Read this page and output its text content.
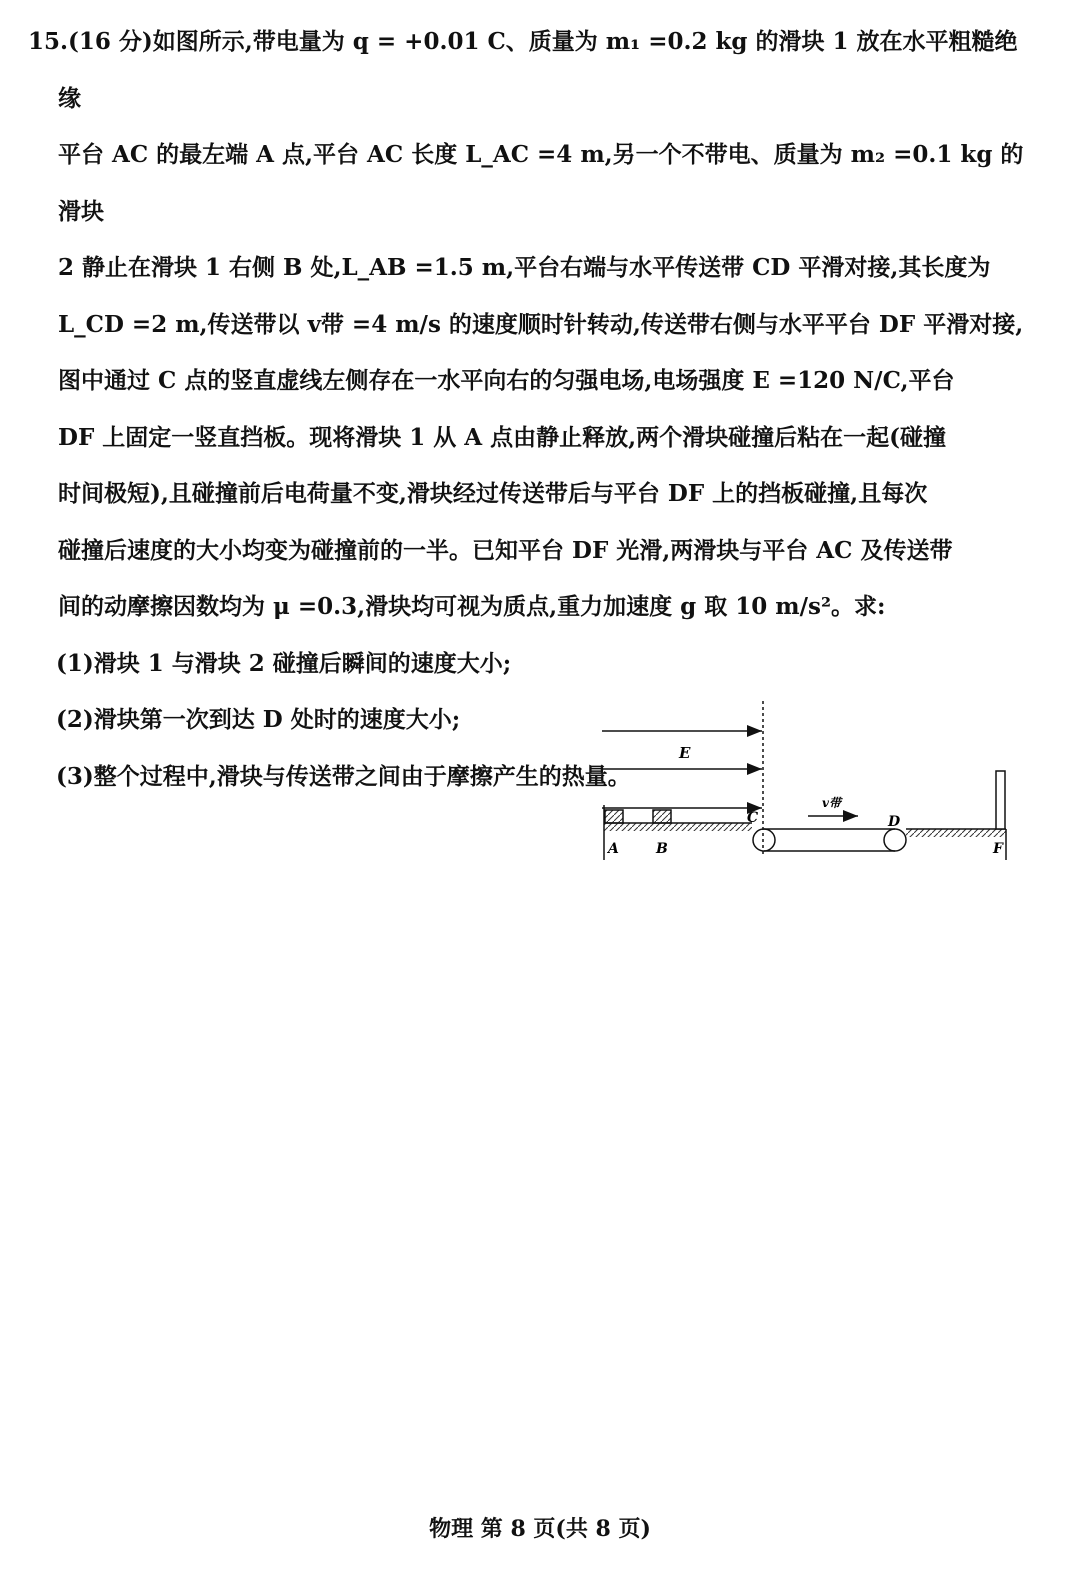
15.(16 分)如图所示,带电量为 q = +0.01 C、质量为 m₁ =0.2 kg 的滑块 1 放在水平粗糙绝缘

平台 AC 的最左端 A 点,平台 AC 长度 L_AC =4 m,另一个不带电、质量为 m₂ =0.1 kg 的滑块

2 静止在滑块 1 右侧 B 处,L_AB =1.5 m,平台右端与水平传送带 CD 平滑对接,其长度为

L_CD =2 m,传送带以 v带 =4 m/s 的速度顺时针转动,传送带右侧与水平平台 DF 平滑对接,

图中通过 C 点的竖直虚线左侧存在一水平向右的匀强电场,电场强度 E =120 N/C,平台

DF 上固定一竖直挡板。现将滑块 1 从 A 点由静止释放,两个滑块碰撞后粘在一起(碰撞

时间极短),且碰撞前后电荷量不变,滑块经过传送带后与平台 DF 上的挡板碰撞,且每次

碰撞后速度的大小均变为碰撞前的一半。已知平台 DF 光滑,两滑块与平台 AC 及传送带

间的动摩擦因数均为 μ =0.3,滑块均可视为质点,重力加速度 g 取 10 m/s²。求:

(1)滑块 1 与滑块 2 碰撞后瞬间的速度大小;

(2)滑块第一次到达 D 处时的速度大小;

(3)整个过程中,滑块与传送带之间由于摩擦产生的热量。

E
A	B
C
v带
D
F
物理 第 8 页(共 8 页)
